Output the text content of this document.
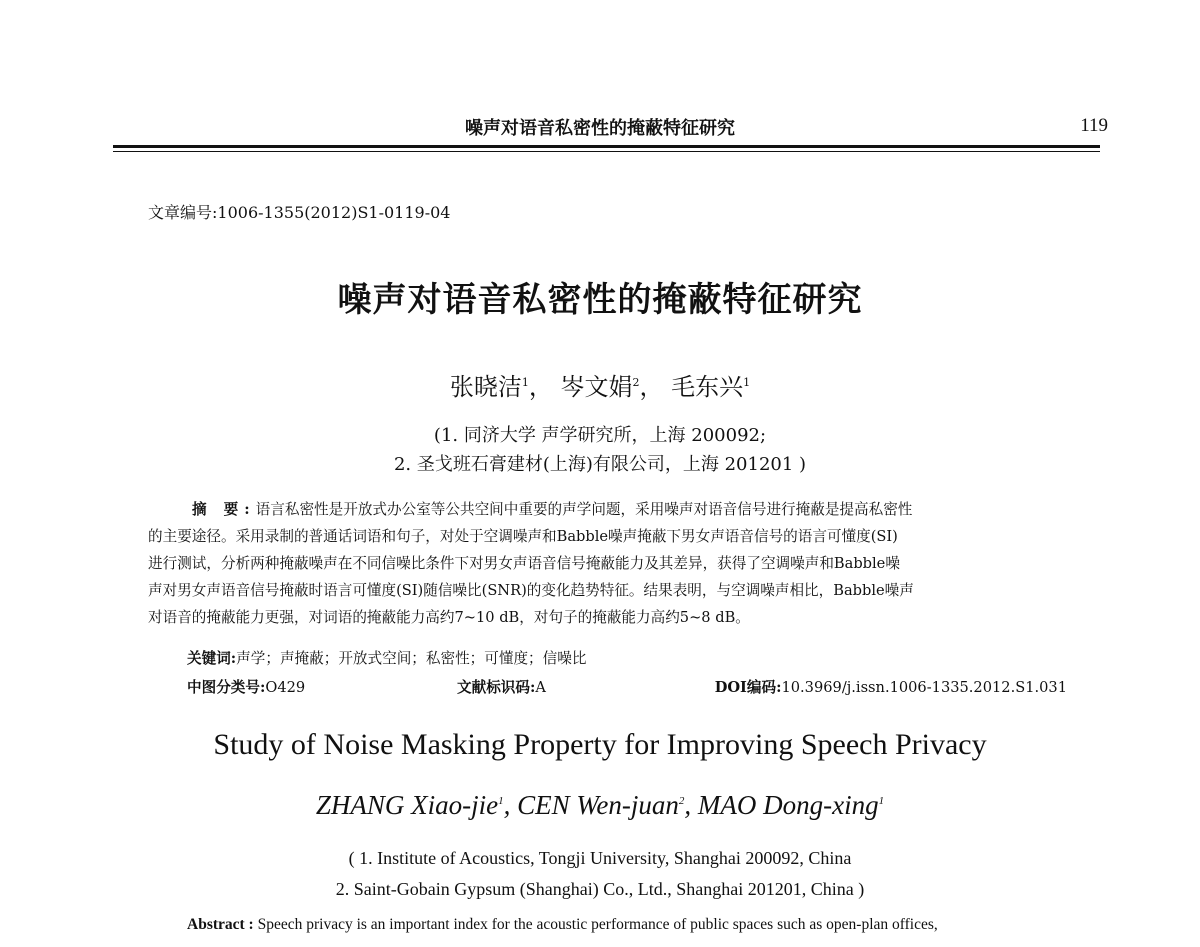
噪声对语音私密性的掩蔽特征研究	119
文章编号:1006-1355(2012)S1-0119-04
噪声对语音私密性的掩蔽特征研究
张晓洁$^1$， 岑文娟$^2$， 毛东兴$^1$
(1. 同济大学 声学研究所，上海 200092;
2. 圣戈班石膏建材(上海)有限公司，上海 201201 )
摘 要:语言私密性是开放式办公室等公共空间中重要的声学问题，采用噪声对语音信号进行掩蔽是提高私密性
的主要途径。采用录制的普通话词语和句子，对处于空调噪声和Babble噪声掩蔽下男女声语音信号的语言可懂度(SI)
进行测试，分析两种掩蔽噪声在不同信噪比条件下对男女声语音信号掩蔽能力及其差异，获得了空调噪声和Babble噪
声对男女声语音信号掩蔽时语言可懂度(SI)随信噪比(SNR)的变化趋势特征。结果表明，与空调噪声相比，Babble噪声
对语音的掩蔽能力更强，对词语的掩蔽能力高约7~10 dB，对句子的掩蔽能力高约5~8 dB。
关键词:声学；声掩蔽；开放式空间；私密性；可懂度；信噪比
中图分类号:O429	文献标识码:A	DOI编码:10.3969/j.issn.1006-1335.2012.S1.031
Study of Noise Masking Property for Improving Speech Privacy
ZHANG Xiao-jie$^1$, CEN Wen-juan$^2$, MAO Dong-xing$^1$
( 1. Institute of Acoustics, Tongji University, Shanghai 200092, China
2. Saint-Gobain Gypsum (Shanghai) Co., Ltd., Shanghai 201201, China )
Abstract : Speech privacy is an important index for the acoustic performance of public spaces such as open-plan offices,
